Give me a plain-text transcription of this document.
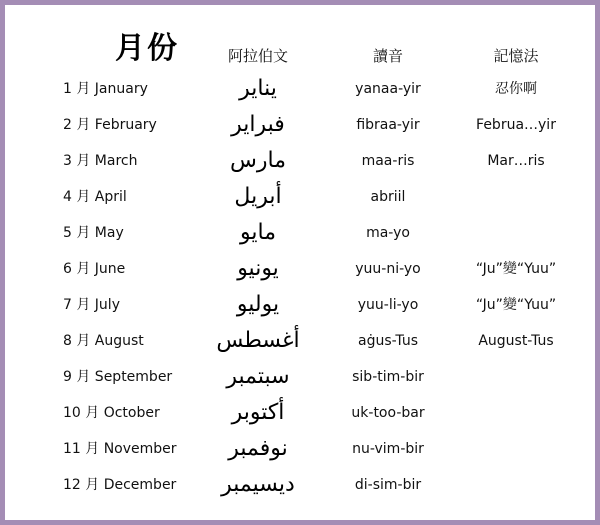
月份	阿拉伯文	讀音	記憶法
1 月 January	يناير	yanaa-yir	忍你啊
2 月 February	فبراير	fibraa-yir	Februa…yir
3 月 March	مارس	maa-ris	Mar…ris
4 月 April	أبريل	abriil
5 月 May	مايو	ma-yo
6 月 June	يونيو	yuu-ni-yo	“Ju”變“Yuu”
7 月 July	يوليو	yuu-li-yo	“Ju”變“Yuu”
8 月 August	أغسطس	aġus-Tus	August-Tus
9 月 September	سبتمبر	sib-tim-bir
10 月 October	أكتوبر	uk-too-bar
11 月 November	نوفمبر	nu-vim-bir
12 月 December	ديسيمبر	di-sim-bir
